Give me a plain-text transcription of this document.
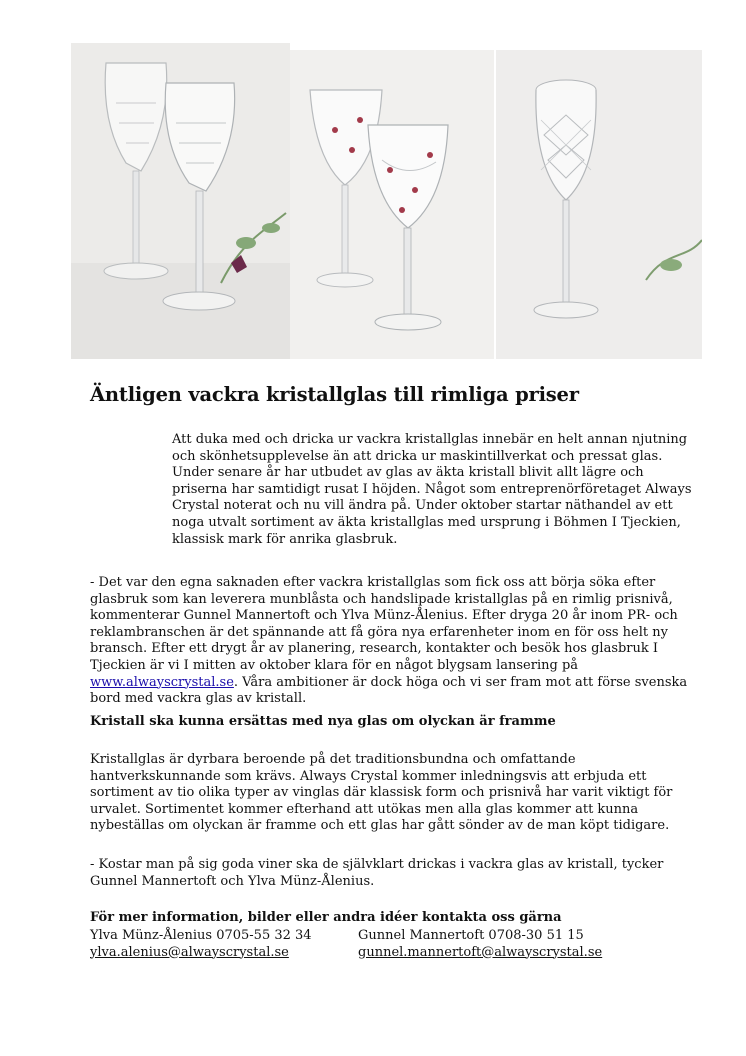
Äntligen vackra kristallglas till rimliga priser

Att duka med och dricka ur vackra kristallglas innebär en helt annan njutning och skönhetsupplevelse än att dricka ur maskintillverkat och pressat glas. Under senare år har utbudet av glas av äkta kristall blivit allt lägre och priserna har samtidigt rusat I höjden. Något som entreprenörföretaget Always Crystal noterat och nu vill ändra på. Under oktober startar näthandel av ett noga utvalt sortiment av äkta kristallglas med ursprung i Böhmen I Tjeckien, klassisk mark för anrika glasbruk.

- Det var den egna saknaden efter vackra kristallglas som fick oss att börja söka efter glasbruk som kan leverera munblåsta och handslipade kristallglas på en rimlig prisnivå, kommenterar Gunnel Mannertoft och Ylva Münz-Ålenius. Efter dryga 20 år inom PR- och reklambranschen är det spännande att få göra nya erfarenheter inom en för oss helt ny bransch. Efter ett drygt år av planering, research, kontakter och besök hos glasbruk I Tjeckien är vi I mitten av oktober klara för en något blygsam lansering på www.alwayscrystal.se. Våra ambitioner är dock höga och vi ser fram mot att förse svenska bord med vackra glas av kristall.

Kristall ska kunna ersättas med nya glas om olyckan är framme

Kristallglas är dyrbara beroende på det traditionsbundna och omfattande hantverkskunnande som krävs. Always Crystal kommer inledningsvis att erbjuda ett sortiment av tio olika typer av vinglas där klassisk form och prisnivå har varit viktigt för urvalet. Sortimentet kommer efterhand att utökas men alla glas kommer att kunna nybeställas om olyckan är framme och ett glas har gått sönder av de man köpt tidigare.

- Kostar man på sig goda viner ska de självklart drickas i vackra glas av kristall, tycker Gunnel Mannertoft och Ylva Münz-Ålenius.

För mer information, bilder eller andra idéer kontakta oss gärna

Ylva Münz-Ålenius 0705-55 32 34
ylva.alenius@alwayscrystal.se
Gunnel Mannertoft 0708-30 51 15
gunnel.mannertoft@alwayscrystal.se
